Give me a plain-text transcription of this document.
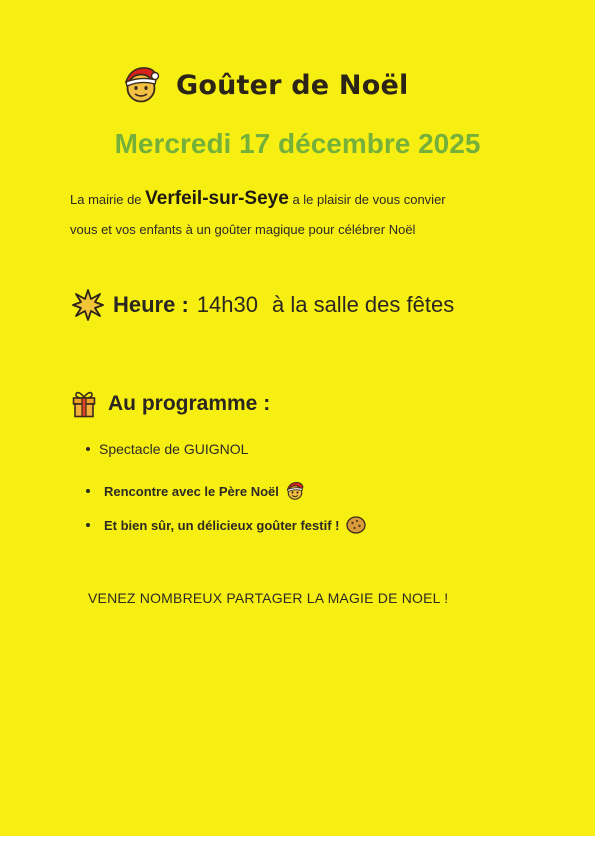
Goûter de Noël
Mercredi 17 décembre 2025
La mairie de Verfeil-sur-Seye a le plaisir de vous convier
vous et vos enfants à un goûter magique pour célébrer Noël
Heure : 14h30 à la salle des fêtes
Au programme :
Spectacle de GUIGNOL
Rencontre avec le Père Noël
Et bien sûr, un délicieux goûter festif !
VENEZ NOMBREUX PARTAGER LA MAGIE DE NOEL !
